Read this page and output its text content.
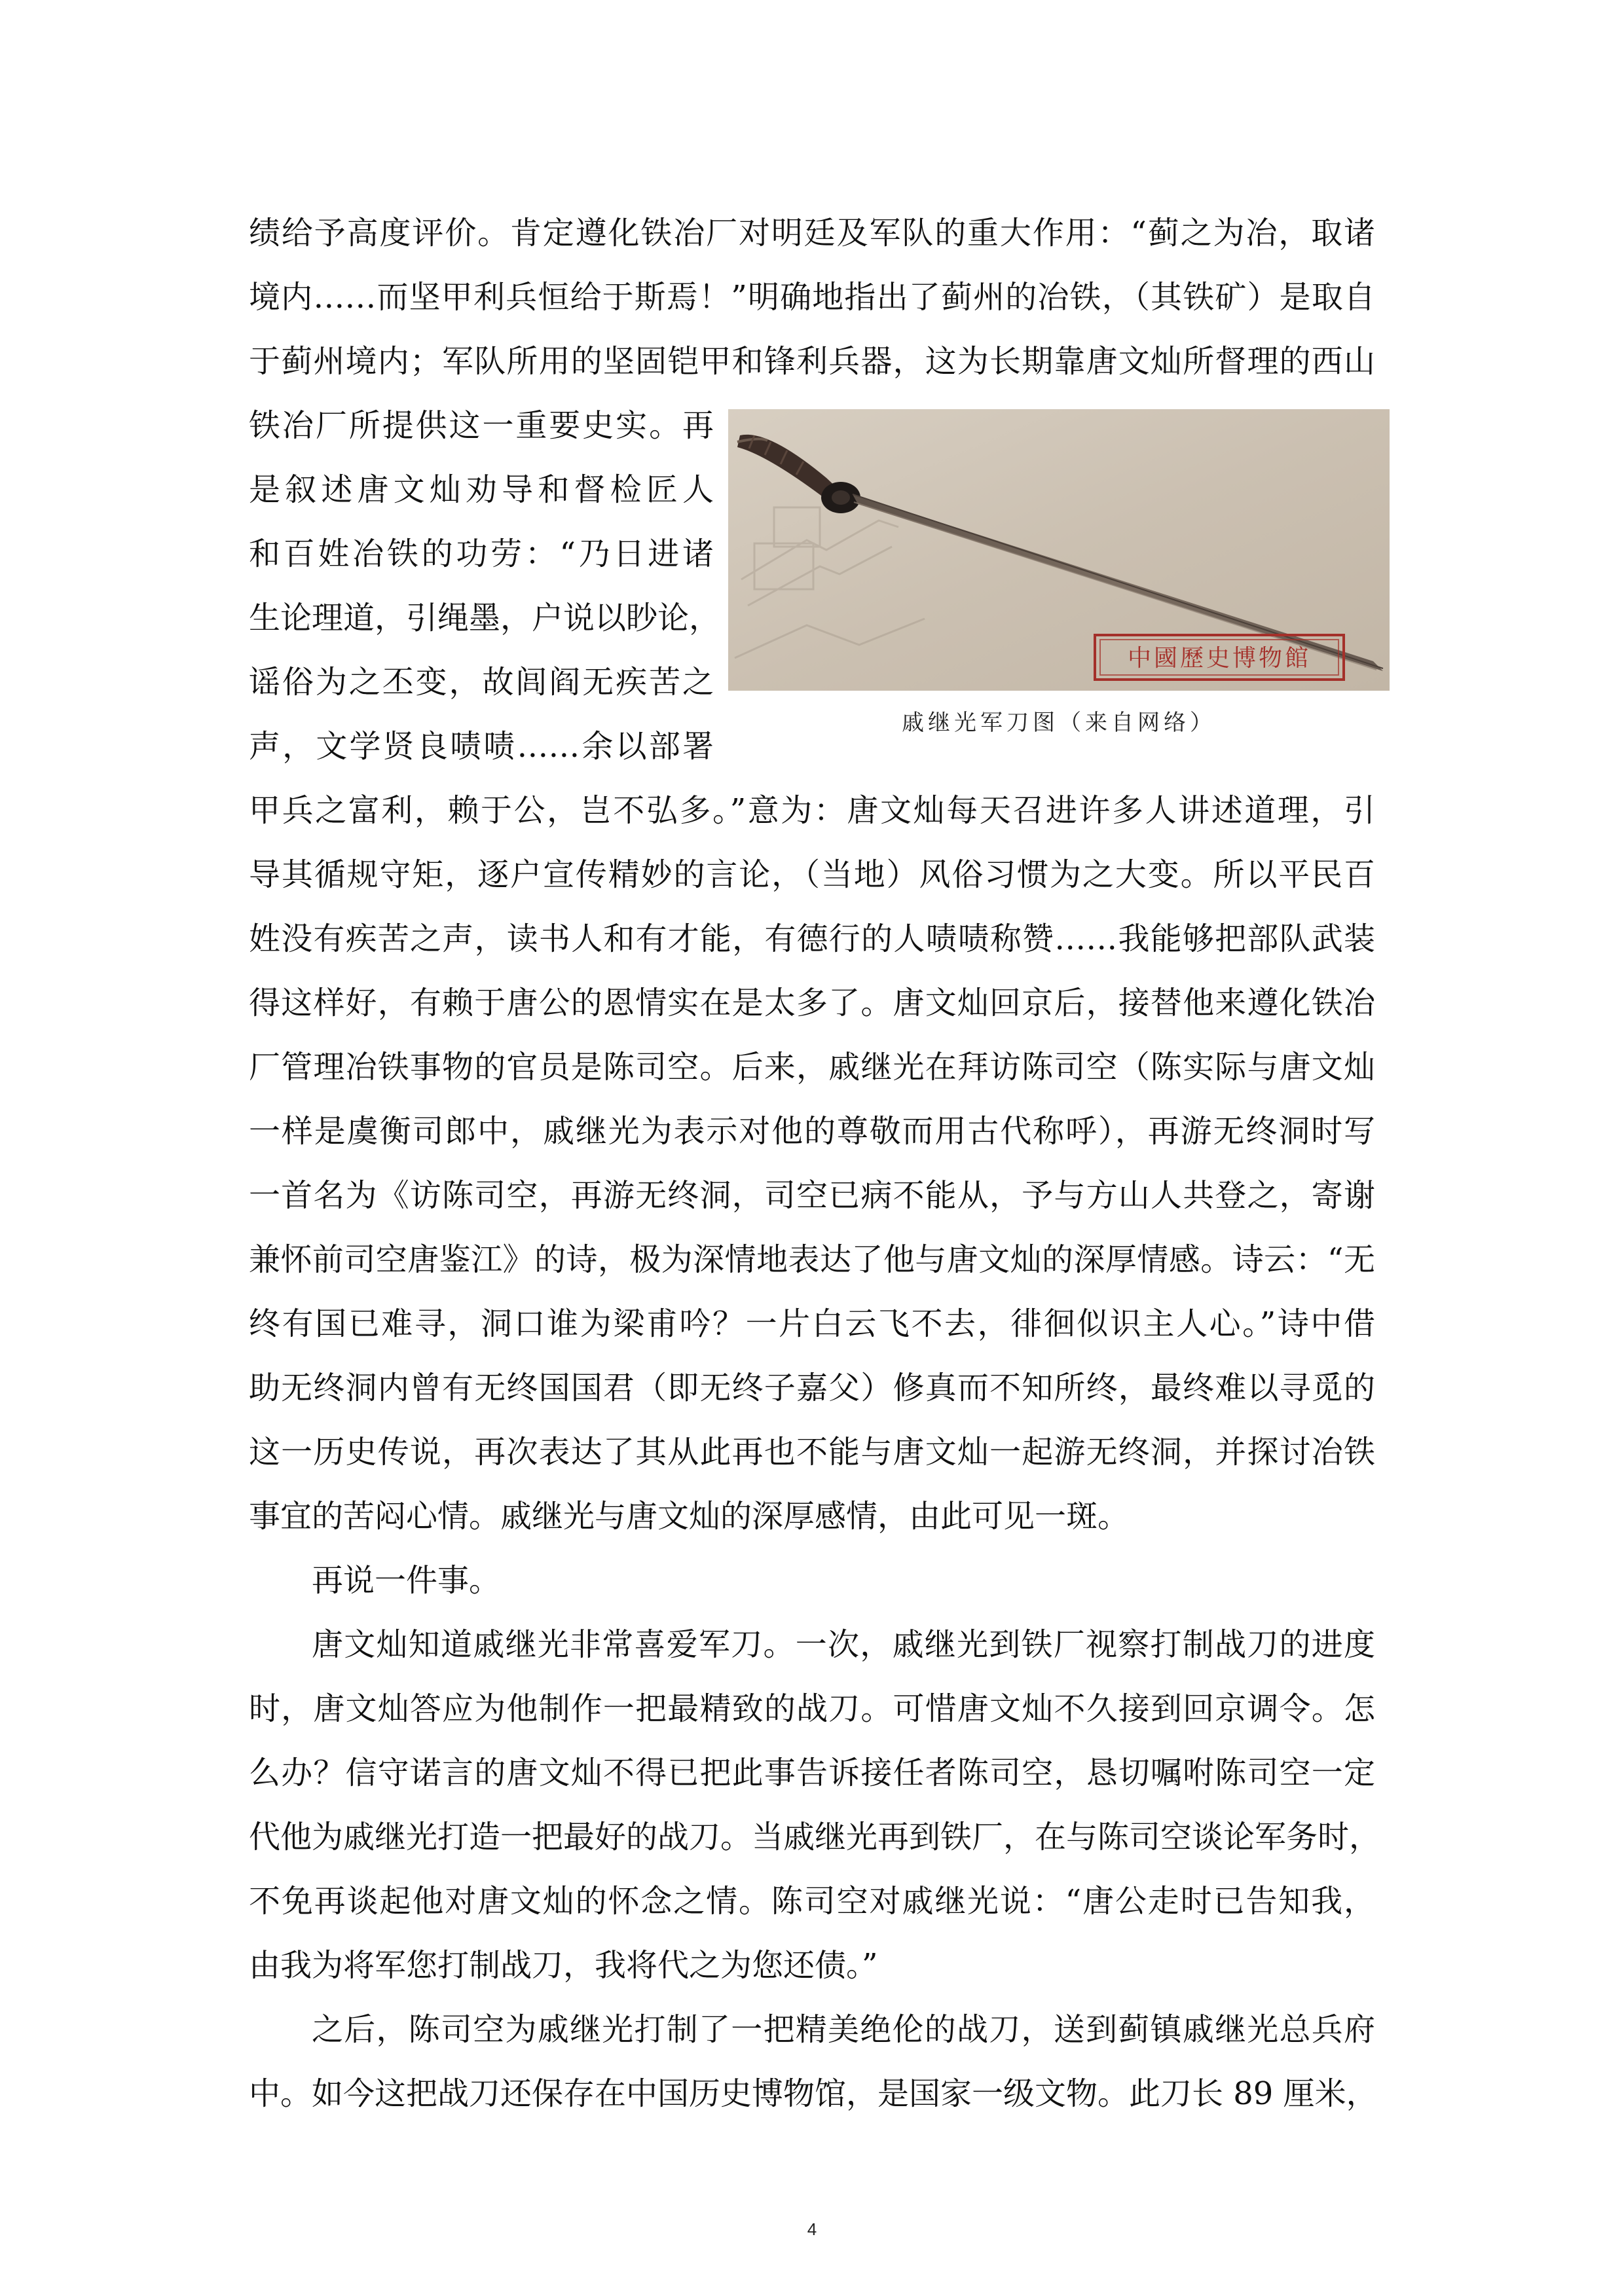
绩给予高度评价。肯定遵化铁冶厂对明廷及军队的重大作用：“蓟之为冶，取诸
境内……而坚甲利兵恒给于斯焉！”明确地指出了蓟州的冶铁，（其铁矿）是取自
于蓟州境内；军队所用的坚固铠甲和锋利兵器，这为长期靠唐文灿所督理的西山
铁冶厂所提供这一重要史实。再
是叙述唐文灿劝导和督检匠人
和百姓冶铁的功劳：“乃日进诸
生论理道，引绳墨，户说以眇论，
谣俗为之丕变，故闾阎无疾苦之
声，文学贤良啧啧……余以部署
中國歷史博物館
戚继光军刀图（来自网络）
甲兵之富利，赖于公，岂不弘多。”意为：唐文灿每天召进许多人讲述道理，引
导其循规守矩，逐户宣传精妙的言论，（当地）风俗习惯为之大变。所以平民百
姓没有疾苦之声，读书人和有才能，有德行的人啧啧称赞……我能够把部队武装
得这样好，有赖于唐公的恩情实在是太多了。唐文灿回京后，接替他来遵化铁冶
厂管理冶铁事物的官员是陈司空。后来，戚继光在拜访陈司空（陈实际与唐文灿
一样是虞衡司郎中，戚继光为表示对他的尊敬而用古代称呼），再游无终洞时写
一首名为《访陈司空，再游无终洞，司空已病不能从，予与方山人共登之，寄谢
兼怀前司空唐鉴江》的诗，极为深情地表达了他与唐文灿的深厚情感。诗云：“无
终有国已难寻，洞口谁为梁甫吟？一片白云飞不去，徘徊似识主人心。”诗中借
助无终洞内曾有无终国国君（即无终子嘉父）修真而不知所终，最终难以寻觅的
这一历史传说，再次表达了其从此再也不能与唐文灿一起游无终洞，并探讨冶铁
事宜的苦闷心情。戚继光与唐文灿的深厚感情，由此可见一斑。
再说一件事。
唐文灿知道戚继光非常喜爱军刀。一次，戚继光到铁厂视察打制战刀的进度
时，唐文灿答应为他制作一把最精致的战刀。可惜唐文灿不久接到回京调令。怎
么办？信守诺言的唐文灿不得已把此事告诉接任者陈司空，恳切嘱咐陈司空一定
代他为戚继光打造一把最好的战刀。当戚继光再到铁厂，在与陈司空谈论军务时，
不免再谈起他对唐文灿的怀念之情。陈司空对戚继光说：“唐公走时已告知我，
由我为将军您打制战刀，我将代之为您还债。”
之后，陈司空为戚继光打制了一把精美绝伦的战刀，送到蓟镇戚继光总兵府
中。如今这把战刀还保存在中国历史博物馆，是国家一级文物。此刀长 89 厘米，
4
